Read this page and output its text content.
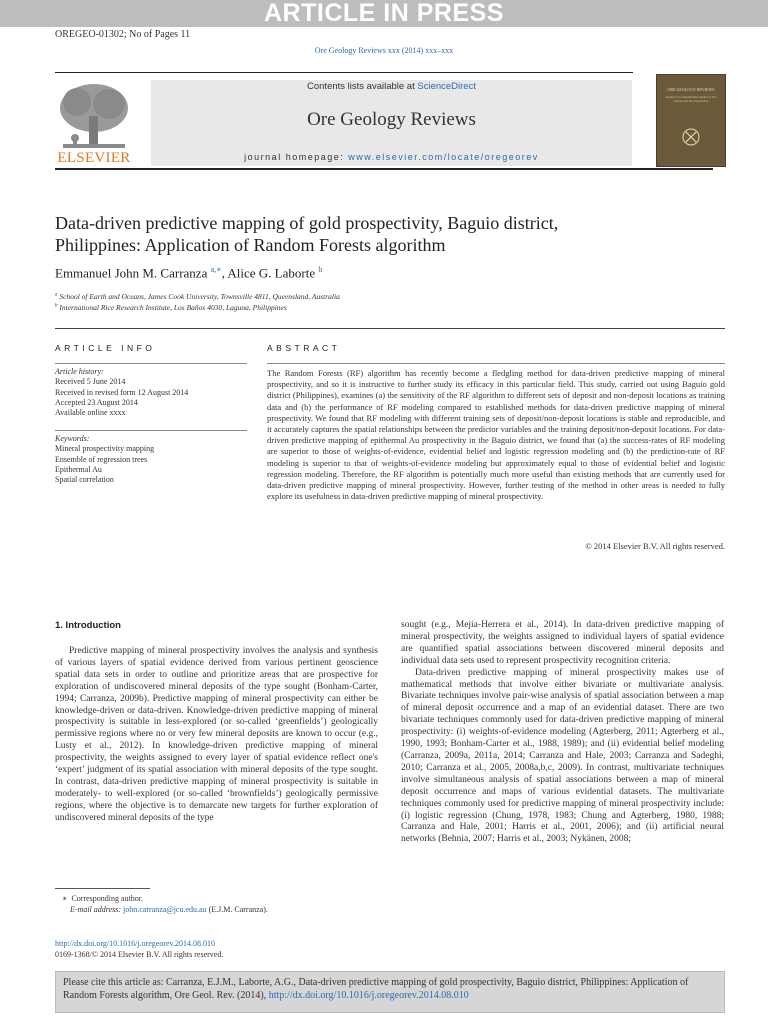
ARTICLE IN PRESS
OREGEO-01302; No of Pages 11
Ore Geology Reviews xxx (2014) xxx–xxx
ELSEVIER
Contents lists available at ScienceDirect
Ore Geology Reviews
journal homepage: www.elsevier.com/locate/oregeorev
ORE GEOLOGY REVIEWS
Journal for Comprehensive Studies of Ore Genesis and Ore Exploration
Data-driven predictive mapping of gold prospectivity, Baguio district,
Philippines: Application of Random Forests algorithm
Emmanuel John M. Carranza $^{a,∗}$, Alice G. Laborte $^b$
$^a$ School of Earth and Oceans, James Cook University, Townsville 4811, Queensland, Australia
$^b$ International Rice Research Institute, Los Baños 4030, Laguna, Philippines
ARTICLE INFO
Article history:
Received 5 June 2014
Received in revised form 12 August 2014
Accepted 23 August 2014
Available online xxxx
Keywords:
Mineral prospectivity mapping
Ensemble of regression trees
Epithermal Au
Spatial correlation
ABSTRACT
The Random Forests (RF) algorithm has recently become a fledgling method for data-driven predictive mapping of mineral prospectivity, and so it is instructive to further study its efficacy in this particular field. This study, carried out using Baguio gold district (Philippines), examines (a) the sensitivity of the RF algorithm to different sets of deposit and non-deposit locations as training data and (b) the performance of RF modeling compared to established methods for data-driven predictive mapping of mineral prospectivity. We found that RF modeling with different training sets of deposit/non-deposit locations is stable and reproducible, and it accurately captures the spatial relationships between the predictor variables and the training deposit/non-deposit locations. For data-driven predictive mapping of epithermal Au prospectivity in the Baguio district, we found that (a) the success-rates of RF modeling are superior to those of weights-of-evidence, evidential belief and logistic regression modeling and (b) the prediction-rate of RF modeling is superior to that of weights-of-evidence modeling but approximately equal to those of evidential belief and logistic regression modeling. Therefore, the RF algorithm is potentially much more useful than existing methods that are currently used for data-driven predictive mapping of mineral prospectivity. However, further testing of the method in other areas is needed to fully explore its usefulness in data-driven predictive mapping of mineral prospectivity.
© 2014 Elsevier B.V. All rights reserved.
1. Introduction
Predictive mapping of mineral prospectivity involves the analysis and synthesis of various layers of spatial evidence derived from various pertinent geoscience spatial data sets in order to outline and prioritize areas that are prospective for exploration of undiscovered mineral deposits of the type sought (Bonham-Carter, 1994; Carranza, 2009b). Predictive mapping of mineral prospectivity can either be knowledge-driven or data-driven. Knowledge-driven predictive mapping of mineral prospectivity is suitable in less-explored (or so-called ‘greenfields’) geologically permissive regions where no or very few mineral deposits are known to occur (e.g., Lusty et al., 2012). In knowledge-driven predictive mapping of mineral prospectivity, the weights assigned to every layer of spatial evidence reflect one's ‘expert’ judgment of its spatial association with mineral deposits of the type sought. In contrast, data-driven predictive mapping of mineral prospectivity is suitable in moderately- to well-explored (or so-called ‘brownfields’) geologically permissive regions, where the objective is to demarcate new targets for further exploration of undiscovered mineral deposits of the type
sought (e.g., Mejía-Herrera et al., 2014). In data-driven predictive mapping of mineral prospectivity, the weights assigned to individual layers of spatial evidence are quantified spatial associations between discovered mineral deposits and individual data sets used to represent prospectivity recognition criteria.
Data-driven predictive mapping of mineral prospectivity makes use of mathematical methods that involve either bivariate or multivariate analysis. Bivariate techniques involve pair-wise analysis of spatial association between a map of mineral deposit occurrence and a map of an evidential dataset. There are two bivariate techniques commonly used for data-driven predictive mapping of mineral prospectivity: (i) weights-of-evidence modeling (Agterberg, 2011; Agterberg et al., 1990, 1993; Bonham-Carter et al., 1988, 1989); and (ii) evidential belief modeling (Carranza, 2009a, 2011a, 2014; Carranza and Hale, 2003; Carranza and Sadeghi, 2010; Carranza et al., 2005, 2008a,b,c, 2009). In contrast, multivariate techniques involve simultaneous analysis of spatial associations between a map of mineral deposit occurrence and maps of various evidential datasets. The multivariate techniques commonly used for predictive mapping of mineral prospectivity include: (i) logistic regression (Chung, 1978, 1983; Chung and Agterberg, 1980, 1988; Carranza and Hale, 2001; Harris et al., 2001, 2006); and (ii) artificial neural networks (Behnia, 2007; Harris et al., 2003; Nykänen, 2008;
∗ Corresponding author.
E-mail address: john.carranza@jcu.edu.au (E.J.M. Carranza).
http://dx.doi.org/10.1016/j.oregeorev.2014.08.010
0169-1368/© 2014 Elsevier B.V. All rights reserved.
Please cite this article as: Carranza, E.J.M., Laborte, A.G., Data-driven predictive mapping of gold prospectivity, Baguio district, Philippines: Application of Random Forests algorithm, Ore Geol. Rev. (2014), http://dx.doi.org/10.1016/j.oregeorev.2014.08.010
